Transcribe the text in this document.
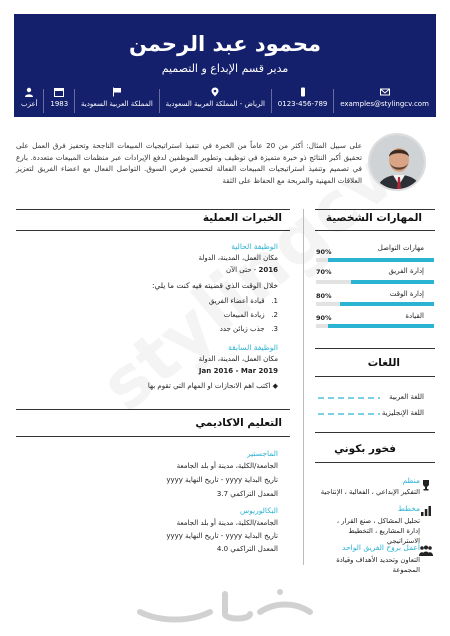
محمود عبد الرحمن
مدير قسم الإبداع و التصميم
examples@stylingcv.com
0123-456-789
الرياض - المملكة العربية السعودية
المملكة العربية السعودية
1983
أعزب
على سبيل المثال: أكثر من 20 عاماً من الخبرة في تنفيذ استراتيجيات المبيعات الناجحة وتحفيز فرق العمل على تحقيق أكبر النتائج ذو خبرة متميزة في توظيف وتطوير الموظفين لدفع الإيرادات عبر منظمات المبيعات متعددة. بارع في تصميم وتنفيذ استراتيجيات المبيعات الفعالة لتحسين فرص السوق. التواصل الفعال مع اعضاء الفريق لتعزيز العلاقات المهنية والمربحة مع الحفاظ على الثقة
الخبرات العملية
الوظيفة الحالية
مكان العمل، المدينة، الدولة
2016 - حتى الآن
خلال الوقت الذي قضيته فيه كنت ما يلي:
1.   قيادة أعضاء الفريق
2.   زيادة المبيعات
3.   جذب زبائن جدد
الوظيفة السابقة
مكان العمل، المدينة، الدولة
Jan 2016 - Mar 2019
◆ اكتب اهم الانجازات او المهام التي تقوم بها
التعليم الاكاديمي
الماجستير
الجامعة/الكلية، مدينة أو بلد الجامعة
تاريخ البداية yyyy - تاريخ النهاية yyyy
المعدل التراكمي 3.7
البكالوريوس
الجامعة/الكلية، مدينة أو بلد الجامعة
تاريخ البداية yyyy - تاريخ النهاية yyyy
المعدل التراكمي 4.0
المهارات الشخصية
مهارات التواصل
90%
إدارة الفريق
70%
إدارة الوقت
80%
القيادة
90%
اللغات
اللغة العربية
اللغة الإنجليزية
فخور بكوني
منظم
التفكير الإبداعي ، الفعالية ، الإنتاجية
مخطط
تحليل المشاكل ، صنع القرار ، إدارة المشاريع ، التخطيط الاستراتيجي
أعمل بروح الفريق الواحد
التعاون وتحديد الأهداف وقيادة المجموعة
